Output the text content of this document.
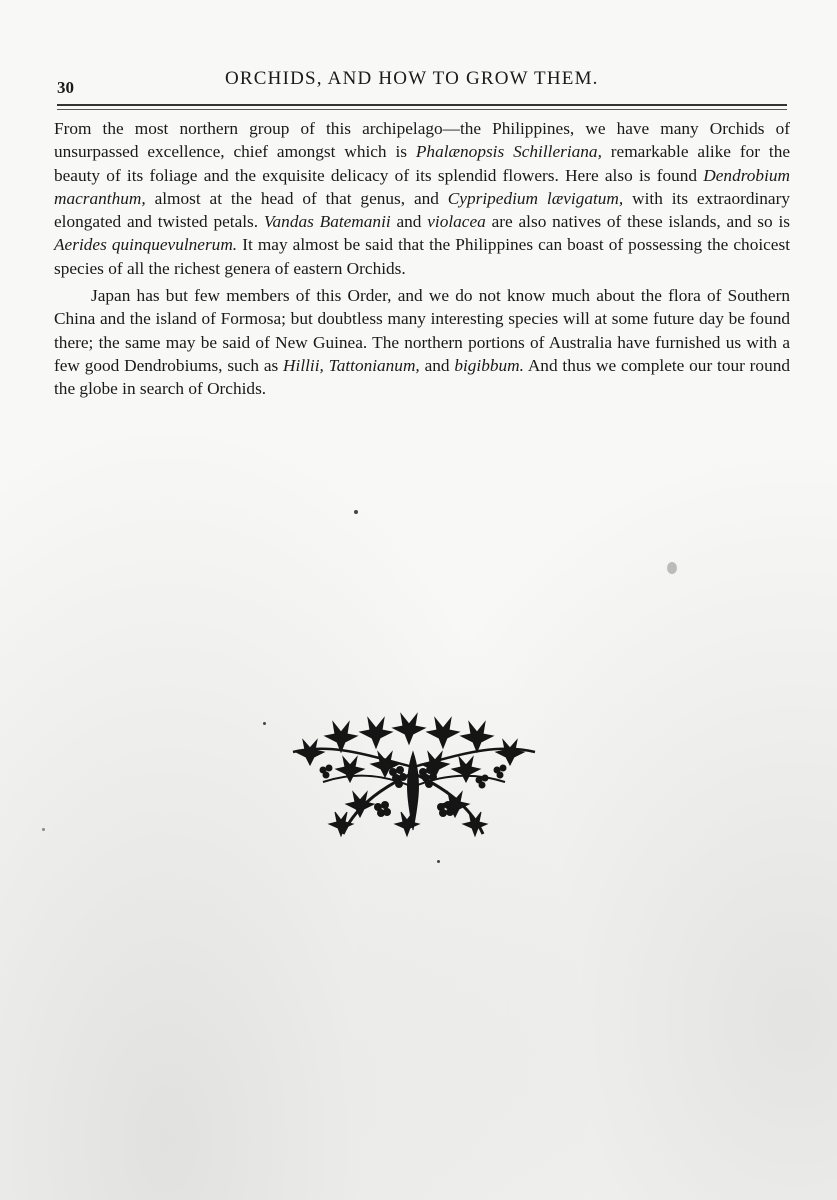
30	ORCHIDS, AND HOW TO GROW THEM.

From the most northern group of this archipelago—the Philippines, we have many Orchids of unsurpassed excellence, chief amongst which is Phalænopsis Schilleriana, remarkable alike for the beauty of its foliage and the exquisite delicacy of its splendid flowers. Here also is found Dendrobium macranthum, almost at the head of that genus, and Cypripedium lævigatum, with its extraordinary elongated and twisted petals. Vandas Batemanii and violacea are also natives of these islands, and so is Aerides quinquevulnerum. It may almost be said that the Philippines can boast of possessing the choicest species of all the richest genera of eastern Orchids.

Japan has but few members of this Order, and we do not know much about the flora of Southern China and the island of Formosa; but doubtless many interesting species will at some future day be found there; the same may be said of New Guinea. The northern portions of Australia have furnished us with a few good Dendrobiums, such as Hillii, Tattonianum, and bigibbum. And thus we complete our tour round the globe in search of Orchids.
